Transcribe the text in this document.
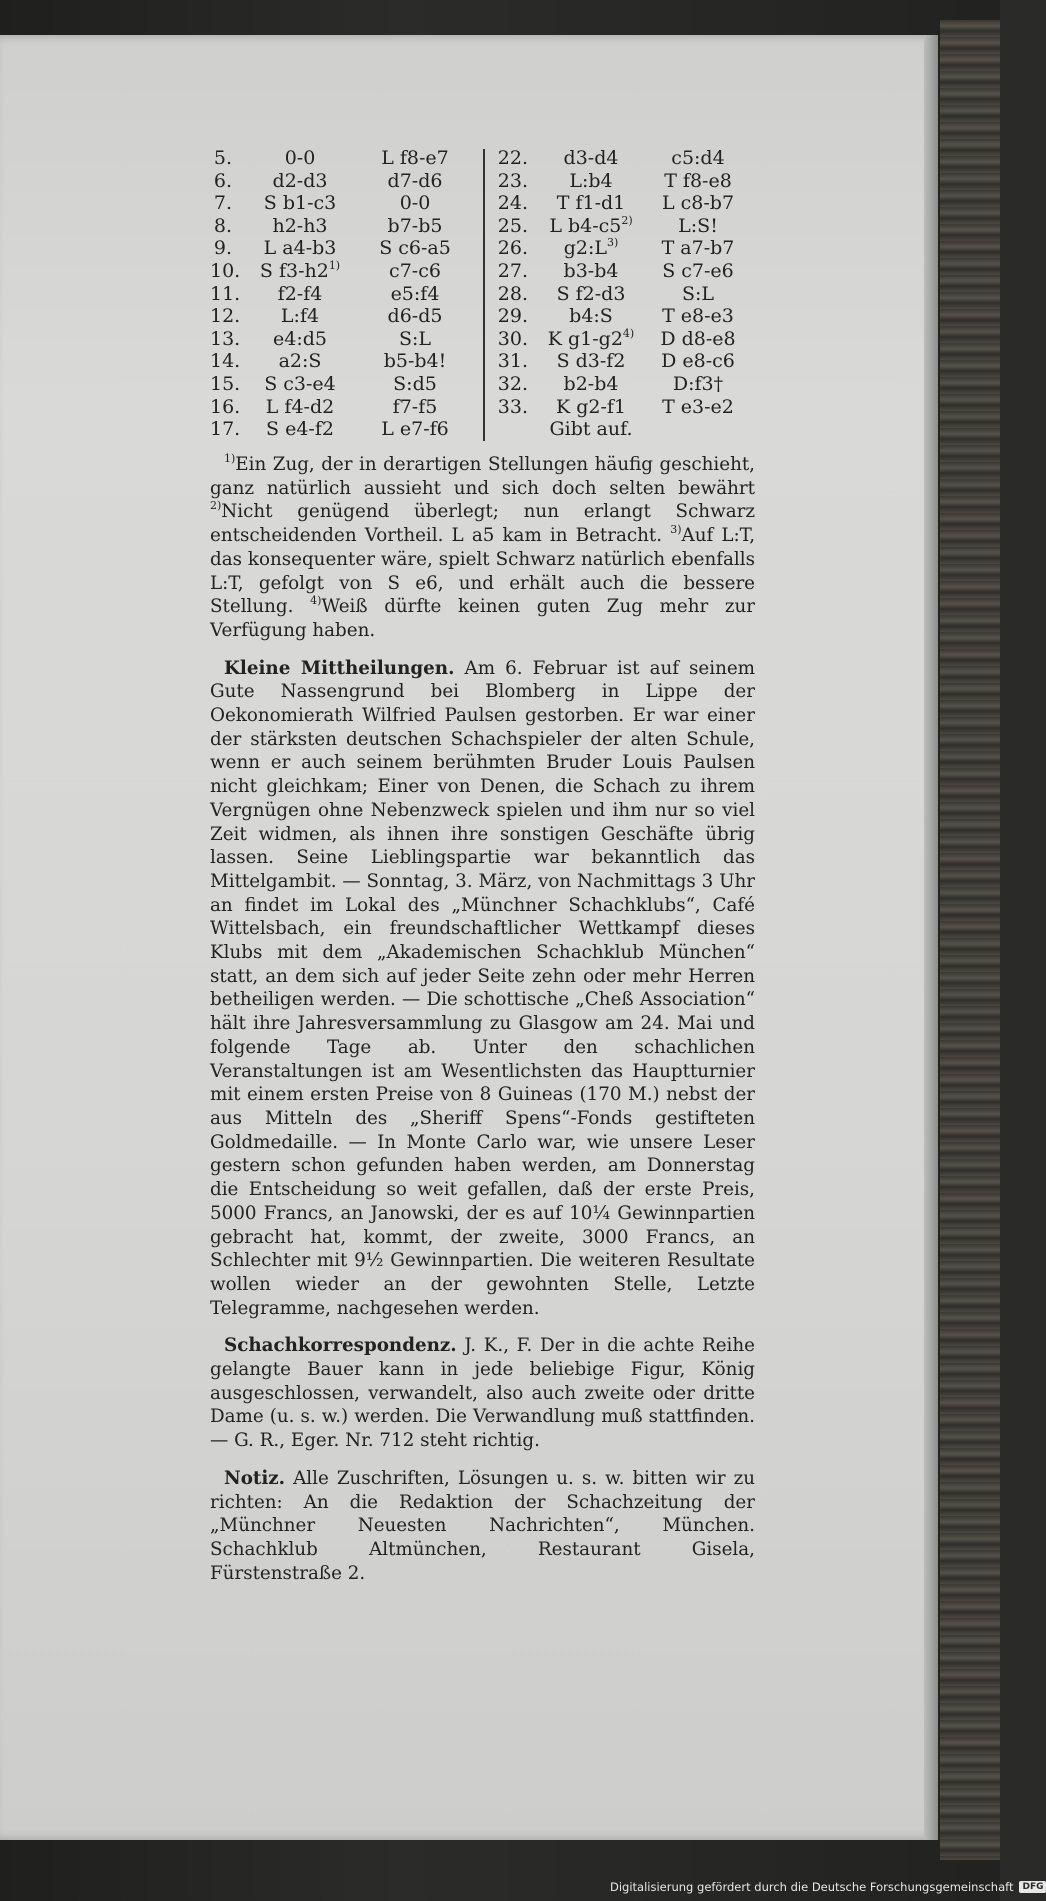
5.	0-0	L f8-e7
6.	d2-d3	d7-d6
7.	S b1-c3	0-0
8.	h2-h3	b7-b5
9.	L a4-b3	S c6-a5
10.	S f3-h2$^{1)}$	c7-c6
11.	f2-f4	e5:f4
12.	L:f4	d6-d5
13.	e4:d5	S:L
14.	a2:S	b5-b4!
15.	S c3-e4	S:d5
16.	L f4-d2	f7-f5
17.	S e4-f2	L e7-f6
22.	d3-d4	c5:d4
23.	L:b4	T f8-e8
24.	T f1-d1	L c8-b7
25.	L b4-c5$^{2)}$	L:S!
26.	$g2:L^{3)}$	T a7-b7
27.	b3-b4	S c7-e6
28.	S f2-d3	S:L
29.	b4:S	T e8-e3
30.	K g1-g2$^{4)}$	D d8-e8
31.	S d3-f2	D e8-c6
32.	b2-b4	D:f3†
33.	K g2-f1	T e3-e2
Gibt auf.

$^{1)}$Ein Zug, der in derartigen Stellungen häufig geschieht, ganz natürlich aussieht und sich doch selten bewährt $^{2)}$Nicht genügend überlegt; nun erlangt Schwarz entscheidenden Vortheil. L a5 kam in Betracht. $^{3)}$Auf L:T, das konsequenter wäre, spielt Schwarz natürlich ebenfalls L:T, gefolgt von S e6, und erhält auch die bessere Stellung. $^{4)}$Weiß dürfte keinen guten Zug mehr zur Verfügung haben.

Kleine Mittheilungen. Am 6. Februar ist auf seinem Gute Nassengrund bei Blomberg in Lippe der Oekonomierath Wilfried Paulsen gestorben. Er war einer der stärksten deutschen Schachspieler der alten Schule, wenn er auch seinem berühmten Bruder Louis Paulsen nicht gleichkam; Einer von Denen, die Schach zu ihrem Vergnügen ohne Nebenzweck spielen und ihm nur so viel Zeit widmen, als ihnen ihre sonstigen Geschäfte übrig lassen. Seine Lieblingspartie war bekanntlich das Mittelgambit. — Sonntag, 3. März, von Nachmittags 3 Uhr an findet im Lokal des „Münchner Schachklubs“, Café Wittelsbach, ein freundschaftlicher Wettkampf dieses Klubs mit dem „Akademischen Schachklub München“ statt, an dem sich auf jeder Seite zehn oder mehr Herren betheiligen werden. — Die schottische „Cheß Association“ hält ihre Jahresversammlung zu Glasgow am 24. Mai und folgende Tage ab. Unter den schachlichen Veranstaltungen ist am Wesentlichsten das Hauptturnier mit einem ersten Preise von 8 Guineas (170 M.) nebst der aus Mitteln des „Sheriff Spens“-Fonds gestifteten Goldmedaille. — In Monte Carlo war, wie unsere Leser gestern schon gefunden haben werden, am Donnerstag die Entscheidung so weit gefallen, daß der erste Preis, 5000 Francs, an Janowski, der es auf 10¼ Gewinnpartien gebracht hat, kommt, der zweite, 3000 Francs, an Schlechter mit 9½ Gewinnpartien. Die weiteren Resultate wollen wieder an der gewohnten Stelle, Letzte Telegramme, nachgesehen werden.

Schachkorrespondenz. J. K., F. Der in die achte Reihe gelangte Bauer kann in jede beliebige Figur, König ausgeschlossen, verwandelt, also auch zweite oder dritte Dame (u. s. w.) werden. Die Verwandlung muß stattfinden. — G. R., Eger. Nr. 712 steht richtig.

Notiz. Alle Zuschriften, Lösungen u. s. w. bitten wir zu richten: An die Redaktion der Schachzeitung der „Münchner Neuesten Nachrichten“, München. Schachklub Altmünchen, Restaurant Gisela, Fürstenstraße 2.

Digitalisierung gefördert durch die Deutsche Forschungsgemeinschaft	DFG
